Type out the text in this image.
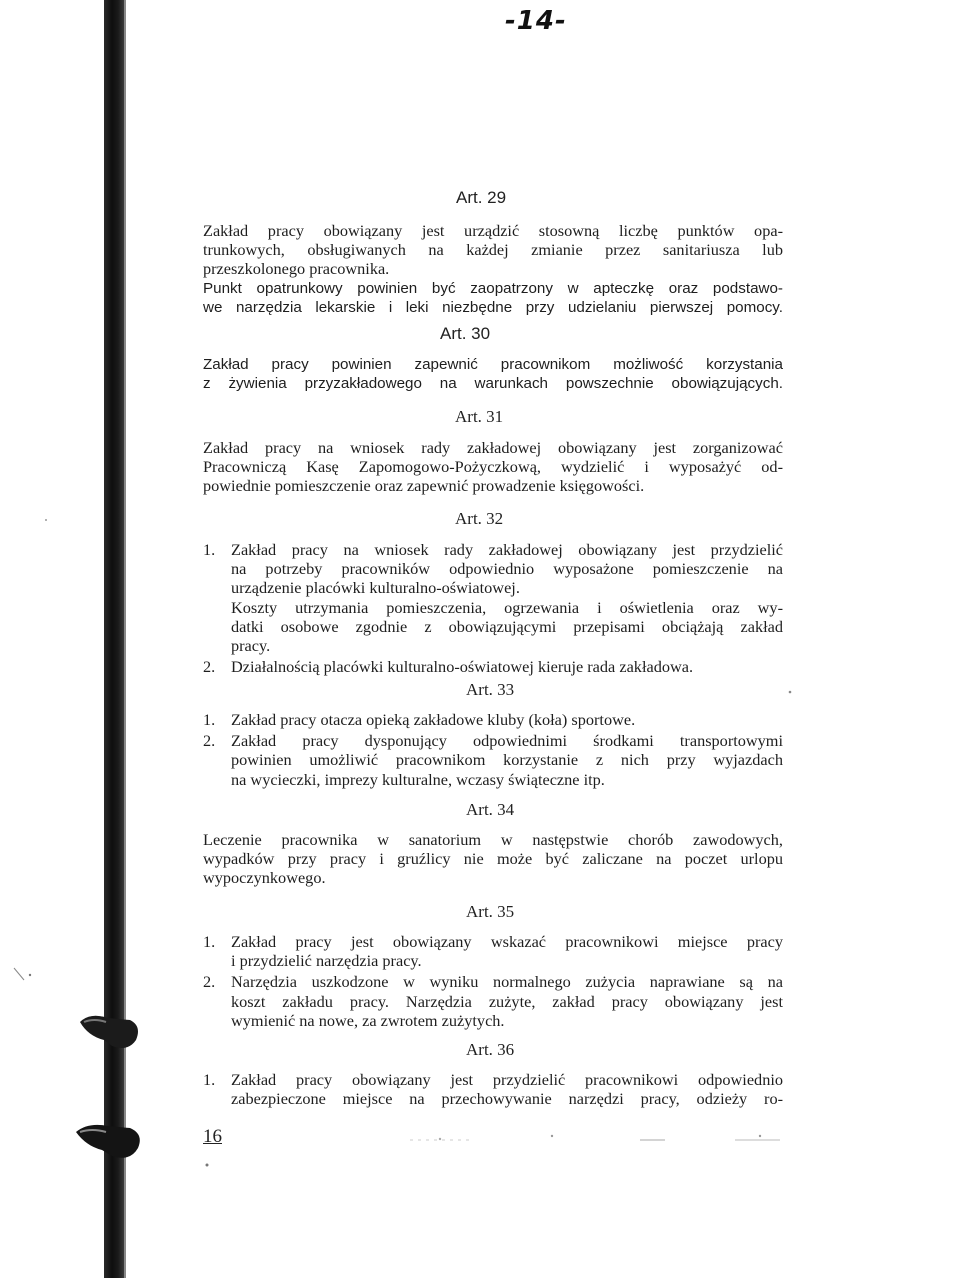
-14-
Art. 29
Zakład pracy obowiązany jest urządzić stosowną liczbę punktów opa-
trunkowych, obsługiwanych na każdej zmianie przez sanitariusza lub
przeszkolonego pracownika.
Punkt opatrunkowy powinien być zaopatrzony w apteczkę oraz podstawo-
we narzędzia lekarskie i leki niezbędne przy udzielaniu pierwszej pomocy.
Art. 30
Zakład pracy powinien zapewnić pracownikom możliwość korzystania
z żywienia przyzakładowego na warunkach powszechnie obowiązujących.
Art. 31
Zakład pracy na wniosek rady zakładowej obowiązany jest zorganizować
Pracowniczą Kasę Zapomogowo-Pożyczkową, wydzielić i wyposażyć od-
powiednie pomieszczenie oraz zapewnić prowadzenie księgowości.
Art. 32
1. Zakład pracy na wniosek rady zakładowej obowiązany jest przydzielić
na potrzeby pracowników odpowiednio wyposażone pomieszczenie na
urządzenie placówki kulturalno-oświatowej.
Koszty utrzymania pomieszczenia, ogrzewania i oświetlenia oraz wy-
datki osobowe zgodnie z obowiązującymi przepisami obciążają zakład
pracy.
2. Działalnością placówki kulturalno-oświatowej kieruje rada zakładowa.
Art. 33
1. Zakład pracy otacza opieką zakładowe kluby (koła) sportowe.
2. Zakład pracy dysponujący odpowiednimi środkami transportowymi
powinien umożliwić pracownikom korzystanie z nich przy wyjazdach
na wycieczki, imprezy kulturalne, wczasy świąteczne itp.
Art. 34
Leczenie pracownika w sanatorium w następstwie chorób zawodowych,
wypadków przy pracy i gruźlicy nie może być zaliczane na poczet urlopu
wypoczynkowego.
Art. 35
1. Zakład pracy jest obowiązany wskazać pracownikowi miejsce pracy
i przydzielić narzędzia pracy.
2. Narzędzia uszkodzone w wyniku normalnego zużycia naprawiane są na
koszt zakładu pracy. Narzędzia zużyte, zakład pracy obowiązany jest
wymienić na nowe, za zwrotem zużytych.
Art. 36
1. Zakład pracy obowiązany jest przydzielić pracownikowi odpowiednio
zabezpieczone miejsce na przechowywanie narzędzi pracy, odzieży ro-
16
